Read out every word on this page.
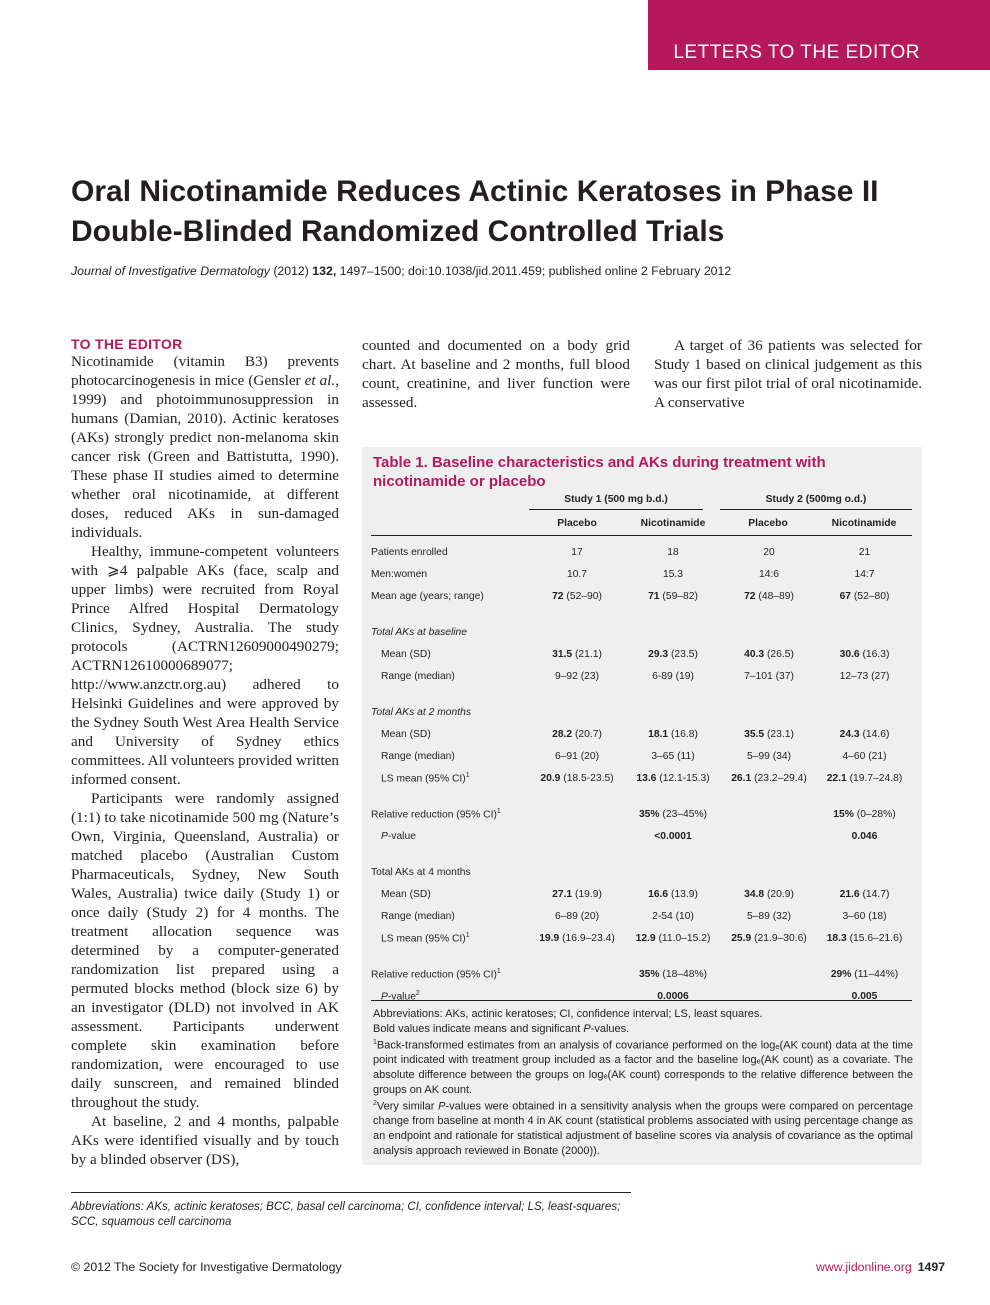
LETTERS TO THE EDITOR
Oral Nicotinamide Reduces Actinic Keratoses in Phase II Double-Blinded Randomized Controlled Trials
Journal of Investigative Dermatology (2012) 132, 1497–1500; doi:10.1038/jid.2011.459; published online 2 February 2012
TO THE EDITOR

Nicotinamide (vitamin B3) prevents photocarcinogenesis in mice (Gensler et al., 1999) and photoimmunosuppression in humans (Damian, 2010). Actinic keratoses (AKs) strongly predict non-melanoma skin cancer risk (Green and Battistutta, 1990). These phase II studies aimed to determine whether oral nicotinamide, at different doses, reduced AKs in sun-damaged individuals.

Healthy, immune-competent volunteers with ⩾4 palpable AKs (face, scalp and upper limbs) were recruited from Royal Prince Alfred Hospital Dermatology Clinics, Sydney, Australia. The study protocols (ACTRN12609000490279; ACTRN12610000689077; http://www.anzctr.org.au) adhered to Helsinki Guidelines and were approved by the Sydney South West Area Health Service and University of Sydney ethics committees. All volunteers provided written informed consent.

Participants were randomly assigned (1:1) to take nicotinamide 500 mg (Nature’s Own, Virginia, Queensland, Australia) or matched placebo (Australian Custom Pharmaceuticals, Sydney, New South Wales, Australia) twice daily (Study 1) or once daily (Study 2) for 4 months. The treatment allocation sequence was determined by a computer-generated randomization list prepared using a permuted blocks method (block size 6) by an investigator (DLD) not involved in AK assessment. Participants underwent complete skin examination before randomization, were encouraged to use daily sunscreen, and remained blinded throughout the study.

At baseline, 2 and 4 months, palpable AKs were identified visually and by touch by a blinded observer (DS),

counted and documented on a body grid chart. At baseline and 2 months, full blood count, creatinine, and liver function were assessed.

A target of 36 patients was selected for Study 1 based on clinical judgement as this was our first pilot trial of oral nicotinamide. A conservative

Table 1. Baseline characteristics and AKs during treatment with nicotinamide or placebo
Study 1 (500 mg b.d.)	Study 2 (500mg o.d.)
Placebo	Nicotinamide	Placebo	Nicotinamide
Patients enrolled	17	18	20	21
Men:women	10.7	15.3	14:6	14:7
Mean age (years; range)	72 (52–90)	71 (59–82)	72 (48–89)	67 (52–80)

Total AKs at baseline				
Mean (SD)	31.5 (21.1)	29.3 (23.5)	40.3 (26.5)	30.6 (16.3)
Range (median)	9–92 (23)	6-89 (19)	7–101 (37)	12–73 (27)

Total AKs at 2 months				
Mean (SD)	28.2 (20.7)	18.1 (16.8)	35.5 (23.1)	24.3 (14.6)
Range (median)	6–91 (20)	3–65 (11)	5–99 (34)	4–60 (21)
LS mean (95% CI)$^1$	20.9 (18.5-23.5)	13.6 (12.1-15.3)	26.1 (23.2–29.4)	22.1 (19.7–24.8)

Relative reduction (95% CI)$^1$		35% (23–45%)		15% (0–28%)
P-value		<0.0001		0.046

Total AKs at 4 months				
Mean (SD)	27.1 (19.9)	16.6 (13.9)	34.8 (20.9)	21.6 (14.7)
Range (median)	6–89 (20)	2-54 (10)	5–89 (32)	3–60 (18)
LS mean (95% CI)$^1$	19.9 (16.9–23.4)	12.9 (11.0–15.2)	25.9 (21.9–30.6)	18.3 (15.6–21.6)

Relative reduction (95% CI)$^1$		35% (18–48%)		29% (11–44%)
P-value$^2$		0.0006		0.005

Abbreviations: AKs, actinic keratoses; CI, confidence interval; LS, least squares.

Bold values indicate means and significant P-values.

$^1$Back-transformed estimates from an analysis of covariance performed on the logₑ(AK count) data at the time point indicated with treatment group included as a factor and the baseline logₑ(AK count) as a covariate. The absolute difference between the groups on logₑ(AK count) corresponds to the relative difference between the groups on AK count.

$^2$Very similar P-values were obtained in a sensitivity analysis when the groups were compared on percentage change from baseline at month 4 in AK count (statistical problems associated with using percentage change as an endpoint and rationale for statistical adjustment of baseline scores via analysis of covariance as the optimal analysis approach reviewed in Bonate (2000)).

Abbreviations: AKs, actinic keratoses; BCC, basal cell carcinoma; CI, confidence interval; LS, least-squares; SCC, squamous cell carcinoma
© 2012 The Society for Investigative Dermatology	www.jidonline.org 1497
